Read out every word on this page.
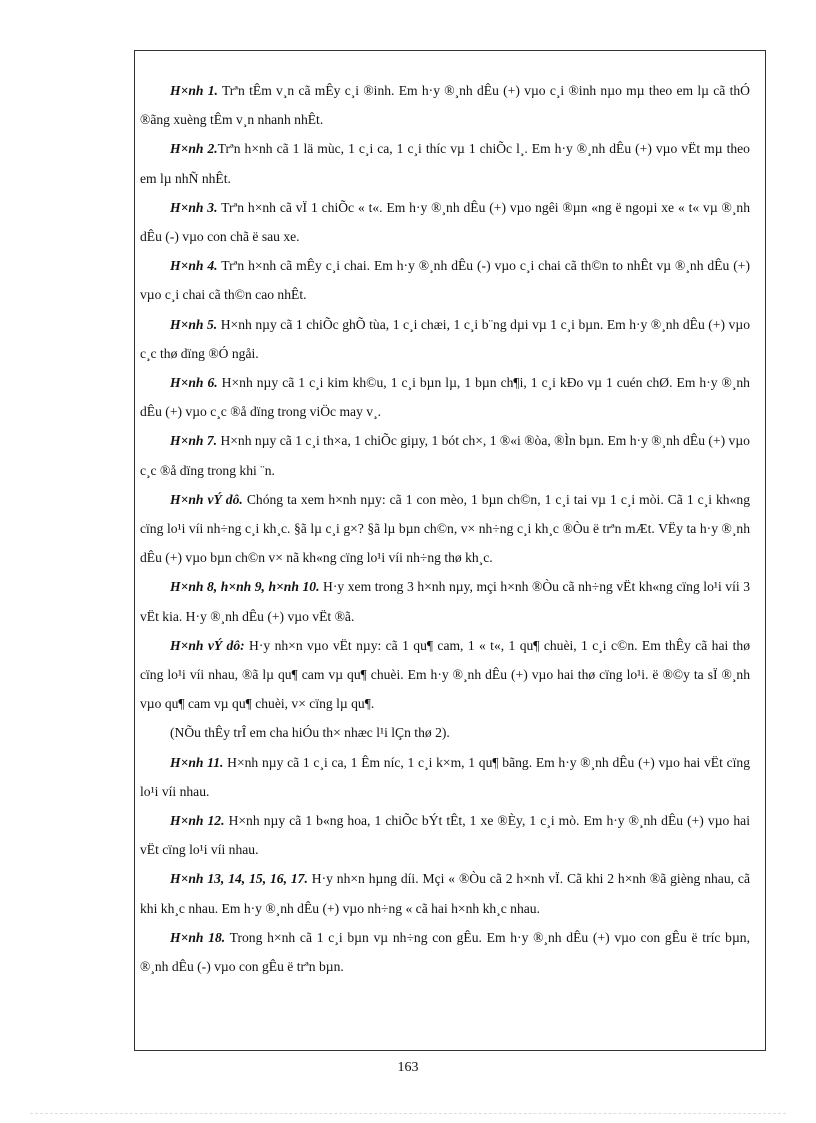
H×nh 1. Trªn tÊm v¸n cã mÊy c¸i ®inh. Em h·y ®¸nh dÊu (+) vµo c¸i ®inh nµo mµ theo em lµ cã thÓ ®ãng xuèng tÊm v¸n nhanh nhÊt.

H×nh 2.Trªn h×nh cã 1 lä mùc, 1 c¸i ca, 1 c¸i thíc vµ 1 chiÕc l¸. Em h·y ®¸nh dÊu (+) vµo vËt mµ theo em lµ nhÑ nhÊt.

H×nh 3. Trªn h×nh cã vÏ 1 chiÕc « t«. Em h·y ®¸nh dÊu (+) vµo ngêi ®µn «ng ë ngoµi xe « t« vµ ®¸nh dÊu (-) vµo con chã ë sau xe.

H×nh 4. Trªn h×nh cã mÊy c¸i chai. Em h·y ®¸nh dÊu (-) vµo c¸i chai cã th©n to nhÊt vµ ®¸nh dÊu (+) vµo c¸i chai cã th©n cao nhÊt.

H×nh 5. H×nh nµy cã 1 chiÕc ghÕ tùa, 1 c¸i chæi, 1 c¸i b¨ng dµi vµ 1 c¸i bµn. Em h·y ®¸nh dÊu (+) vµo c¸c thø dïng ®Ó ngåi.

H×nh 6. H×nh nµy cã 1 c¸i kim kh©u, 1 c¸i bµn lµ, 1 bµn ch¶i, 1 c¸i kÐo vµ 1 cuén chØ. Em h·y ®¸nh dÊu (+) vµo c¸c ®å dïng trong viÖc may v¸.

H×nh 7. H×nh nµy cã 1 c¸i th×a, 1 chiÕc giµy, 1 bót ch×, 1 ®«i ®òa, ®Ìn bµn. Em h·y ®¸nh dÊu (+) vµo c¸c ®å dïng trong khi ¨n.

H×nh vÝ dô. Chóng ta xem h×nh nµy: cã 1 con mèo, 1 bµn ch©n, 1 c¸i tai vµ 1 c¸i mòi. Cã 1 c¸i kh«ng cïng lo¹i víi nh÷ng c¸i kh¸c. §ã lµ c¸i g×? §ã lµ bµn ch©n, v× nh÷ng c¸i kh¸c ®Òu ë trªn mÆt. VËy ta h·y ®¸nh dÊu (+) vµo bµn ch©n v× nã kh«ng cïng lo¹i víi nh÷ng thø kh¸c.

H×nh 8, h×nh 9, h×nh 10. H·y xem trong 3 h×nh nµy, mçi h×nh ®Òu cã nh÷ng vËt kh«ng cïng lo¹i víi 3 vËt kia. H·y ®¸nh dÊu (+) vµo vËt ®ã.

H×nh vÝ dô: H·y nh×n vµo vËt nµy: cã 1 qu¶ cam, 1 « t«, 1 qu¶ chuèi, 1 c¸i c©n. Em thÊy cã hai thø cïng lo¹i víi nhau, ®ã lµ qu¶ cam vµ qu¶ chuèi. Em h·y ®¸nh dÊu (+) vµo hai thø cïng lo¹i. ë ®©y ta sÏ ®¸nh vµo qu¶ cam vµ qu¶ chuèi, v× cïng lµ qu¶.

(NÕu thÊy trÎ em cha hiÓu th× nhæc l¹i lÇn thø 2).

H×nh 11. H×nh nµy cã 1 c¸i ca, 1 Êm níc, 1 c¸i k×m, 1 qu¶ bãng. Em h·y ®¸nh dÊu (+) vµo hai vËt cïng lo¹i víi nhau.

H×nh 12. H×nh nµy cã 1 b«ng hoa, 1 chiÕc bÝt tÊt, 1 xe ®Èy, 1 c¸i mò. Em h·y ®¸nh dÊu (+) vµo hai vËt cïng lo¹i víi nhau.

H×nh 13, 14, 15, 16, 17. H·y nh×n hµng díi. Mçi « ®Òu cã 2 h×nh vÏ. Cã khi 2 h×nh ®ã gièng nhau, cã khi kh¸c nhau. Em h·y ®¸nh dÊu (+) vµo nh÷ng « cã hai h×nh kh¸c nhau.

H×nh 18. Trong h×nh cã 1 c¸i bµn vµ nh÷ng con gÊu. Em h·y ®¸nh dÊu (+) vµo con gÊu ë tríc bµn, ®¸nh dÊu (-) vµo con gÊu ë trªn bµn.

163
